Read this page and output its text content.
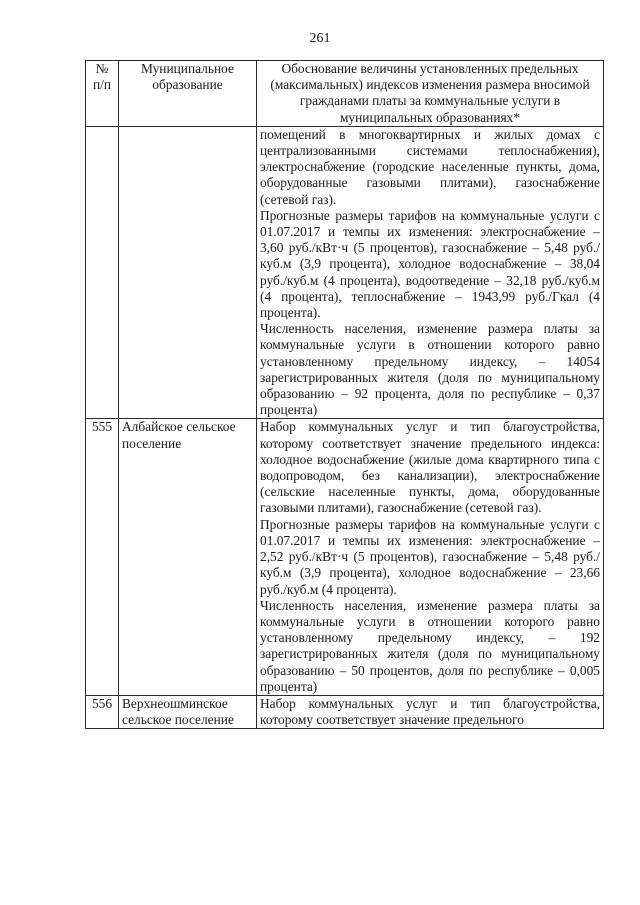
261
№ п/п	Муниципальное образование	Обоснование величины установленных предельных (максимальных) индексов изменения размера вносимой гражданами платы за коммунальные услуги в муниципальных образованиях*

		помещений в многоквартирных и жилых домах с централизованными системами теплоснабжения), электроснабжение (городские населенные пункты, дома, оборудованные газовыми плитами), газоснабжение (сетевой газ).

Прогнозные размеры тарифов на коммунальные услуги с 01.07.2017 и темпы их изменения: электроснабжение – 3,60 руб./кВт·ч (5 процентов), газоснабжение – 5,48 руб./куб.м (3,9 процента), холодное водоснабжение – 38,04 руб./куб.м (4 процента), водоотведение – 32,18 руб./куб.м (4 процента), теплоснабжение – 1943,99 руб./Гкал (4 процента).

Численность населения, изменение размера платы за коммунальные услуги в отношении которого равно установленному предельному индексу, – 14054 зарегистрированных жителя (доля по муниципальному образованию – 92 процента, доля по республике – 0,37 процента)

555	Албайское сельское поселение	Набор коммунальных услуг и тип благоустройства, которому соответствует значение предельного индекса: холодное водоснабжение (жилые дома квартирного типа с водопроводом, без канализации), электроснабжение (сельские населенные пункты, дома, оборудованные газовыми плитами), газоснабжение (сетевой газ).

Прогнозные размеры тарифов на коммунальные услуги с 01.07.2017 и темпы их изменения: электроснабжение – 2,52 руб./кВт·ч (5 процентов), газоснабжение – 5,48 руб./куб.м (3,9 процента), холодное водоснабжение – 23,66 руб./куб.м (4 процента).

Численность населения, изменение размера платы за коммунальные услуги в отношении которого равно установленному предельному индексу, – 192 зарегистрированных жителя (доля по муниципальному образованию – 50 процентов, доля по республике – 0,005 процента)

556	Верхнеошминское сельское поселение	Набор коммунальных услуг и тип благоустройства, которому соответствует значение предельного
